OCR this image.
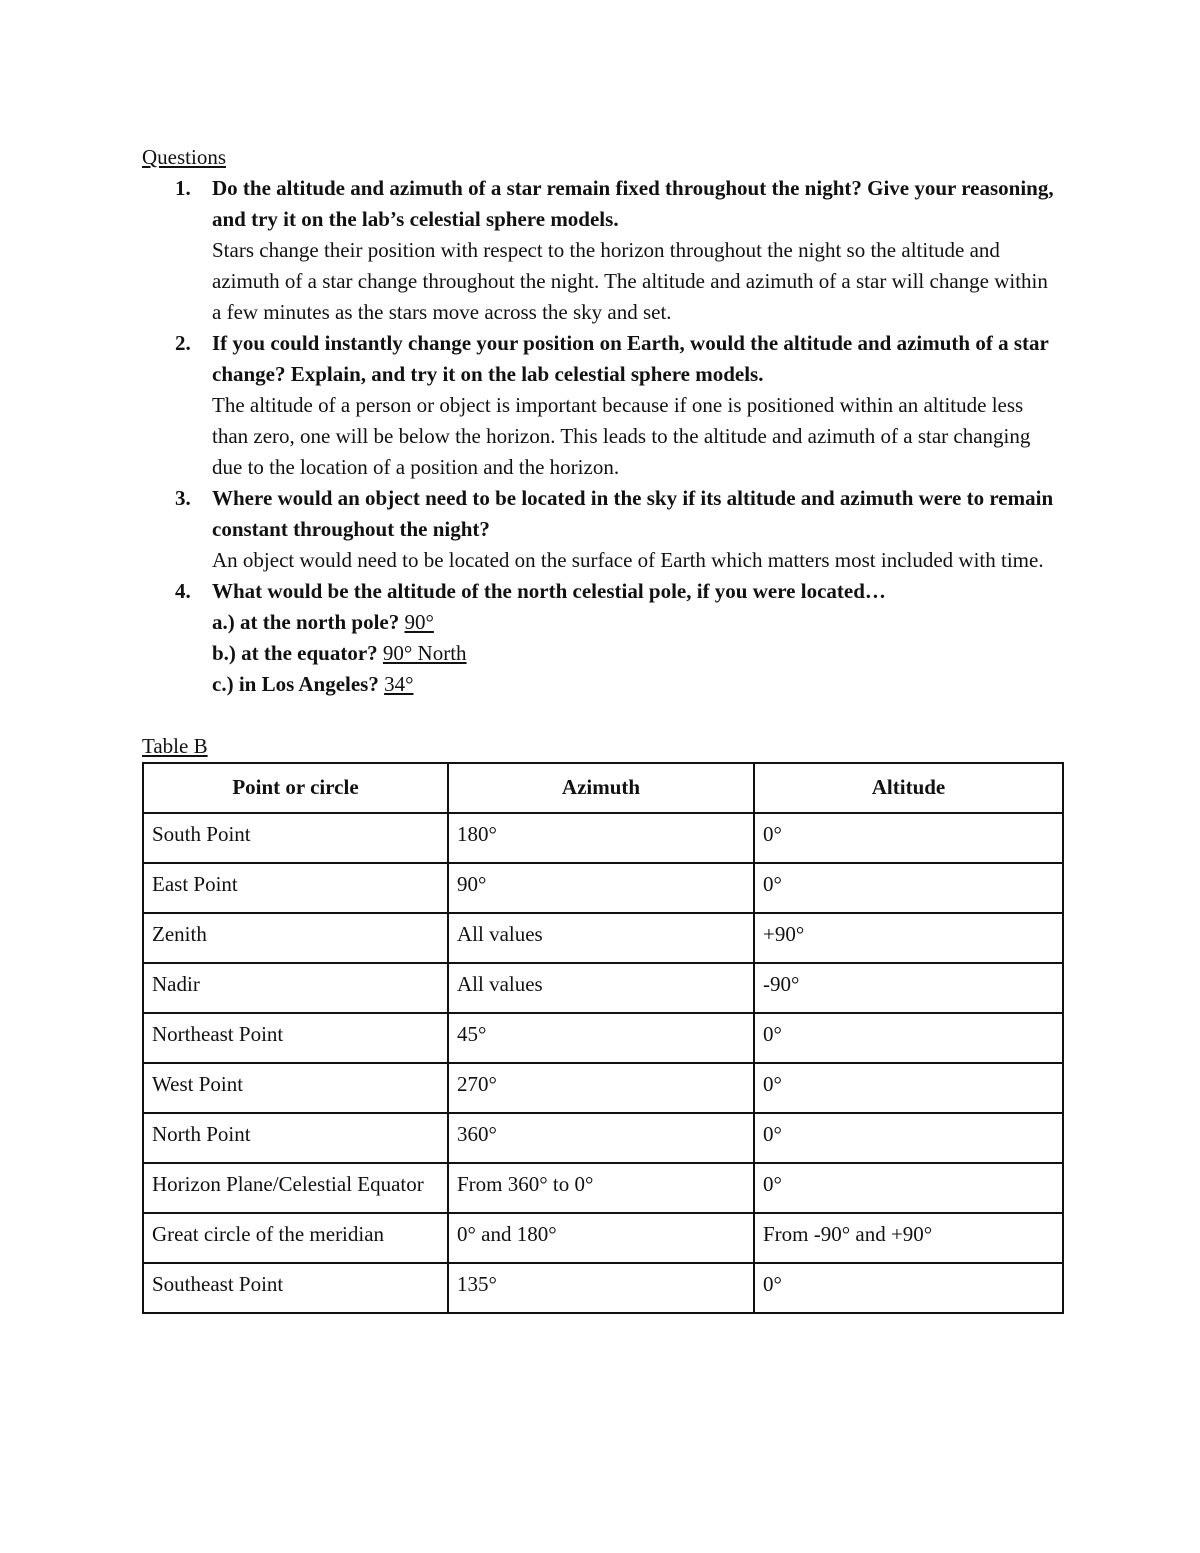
Questions
1. Do the altitude and azimuth of a star remain fixed throughout the night? Give your reasoning, and try it on the lab’s celestial sphere models.
Stars change their position with respect to the horizon throughout the night so the altitude and azimuth of a star change throughout the night. The altitude and azimuth of a star will change within a few minutes as the stars move across the sky and set.
2. If you could instantly change your position on Earth, would the altitude and azimuth of a star change? Explain, and try it on the lab celestial sphere models.
The altitude of a person or object is important because if one is positioned within an altitude less than zero, one will be below the horizon. This leads to the altitude and azimuth of a star changing due to the location of a position and the horizon.
3. Where would an object need to be located in the sky if its altitude and azimuth were to remain constant throughout the night?
An object would need to be located on the surface of Earth which matters most included with time.
4. What would be the altitude of the north celestial pole, if you were located…
a.) at the north pole? 90°
b.) at the equator? 90° North
c.) in Los Angeles? 34°
Table B
Point or circle	Azimuth	Altitude
South Point	180°	0°
East Point	90°	0°
Zenith	All values	+90°
Nadir	All values	-90°
Northeast Point	45°	0°
West Point	270°	0°
North Point	360°	0°
Horizon Plane/Celestial Equator	From 360° to 0°	0°
Great circle of the meridian	0° and 180°	From -90° and +90°
Southeast Point	135°	0°
